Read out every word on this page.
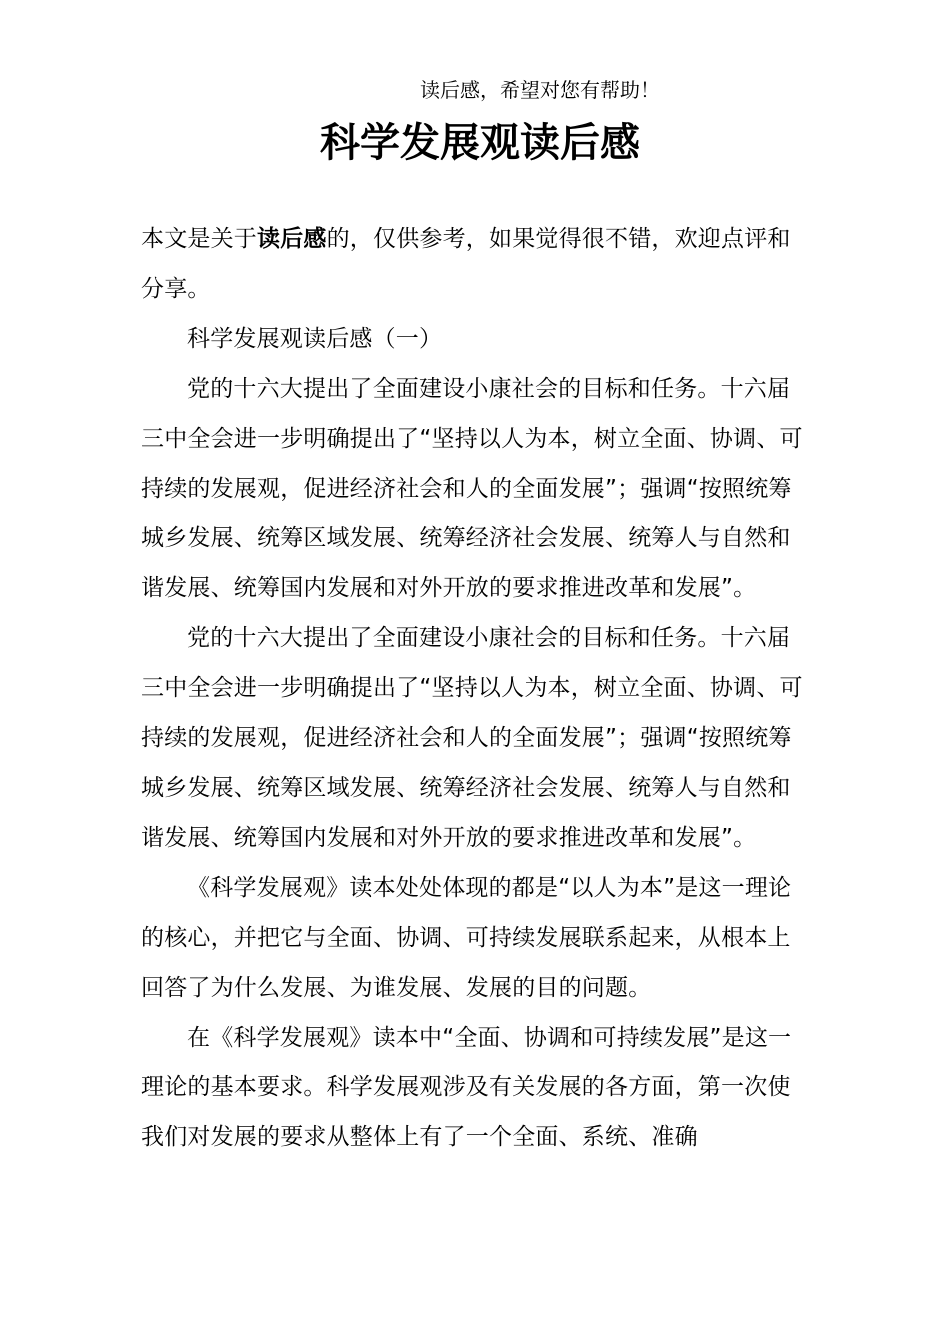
读后感，希望对您有帮助！
科学发展观读后感

本文是关于读后感的，仅供参考，如果觉得很不错，欢迎点评和分享。

科学发展观读后感（一）

党的十六大提出了全面建设小康社会的目标和任务。十六届三中全会进一步明确提出了“坚持以人为本，树立全面、协调、可持续的发展观，促进经济社会和人的全面发展”；强调“按照统筹城乡发展、统筹区域发展、统筹经济社会发展、统筹人与自然和谐发展、统筹国内发展和对外开放的要求推进改革和发展”。

党的十六大提出了全面建设小康社会的目标和任务。十六届三中全会进一步明确提出了“坚持以人为本，树立全面、协调、可持续的发展观，促进经济社会和人的全面发展”；强调“按照统筹城乡发展、统筹区域发展、统筹经济社会发展、统筹人与自然和谐发展、统筹国内发展和对外开放的要求推进改革和发展”。

《科学发展观》读本处处体现的都是“以人为本”是这一理论的核心，并把它与全面、协调、可持续发展联系起来，从根本上回答了为什么发展、为谁发展、发展的目的问题。

在《科学发展观》读本中“全面、协调和可持续发展”是这一理论的基本要求。科学发展观涉及有关发展的各方面，第一次使我们对发展的要求从整体上有了一个全面、系统、准确
